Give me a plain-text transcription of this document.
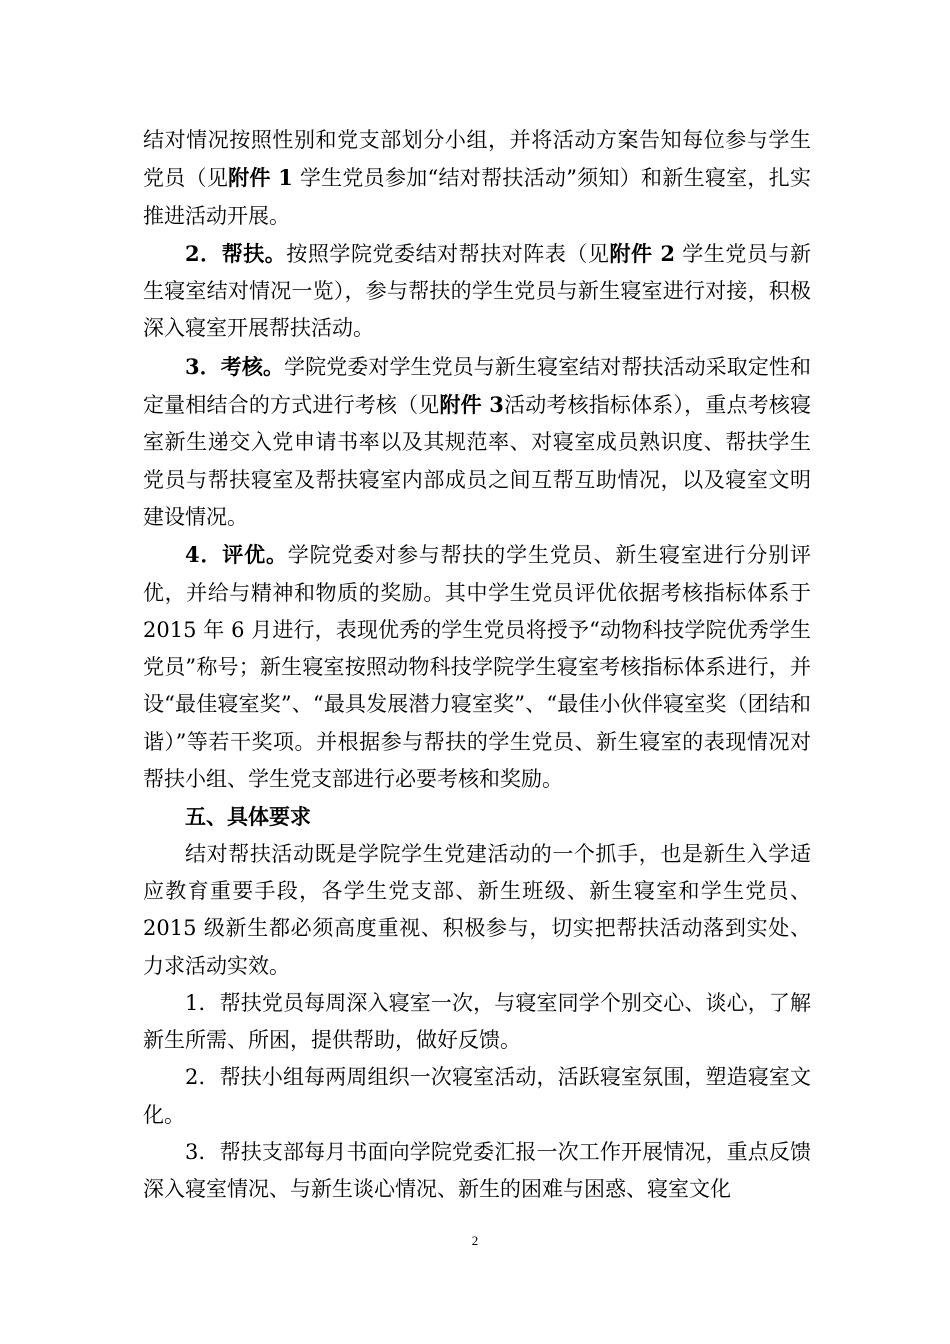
结对情况按照性别和党支部划分小组，并将活动方案告知每位参与学生党员（见附件 1 学生党员参加“结对帮扶活动”须知）和新生寝室，扎实推进活动开展。

2．帮扶。按照学院党委结对帮扶对阵表（见附件 2 学生党员与新生寝室结对情况一览），参与帮扶的学生党员与新生寝室进行对接，积极深入寝室开展帮扶活动。

3．考核。学院党委对学生党员与新生寝室结对帮扶活动采取定性和定量相结合的方式进行考核（见附件 3活动考核指标体系），重点考核寝室新生递交入党申请书率以及其规范率、对寝室成员熟识度、帮扶学生党员与帮扶寝室及帮扶寝室内部成员之间互帮互助情况，以及寝室文明建设情况。

4．评优。学院党委对参与帮扶的学生党员、新生寝室进行分别评优，并给与精神和物质的奖励。其中学生党员评优依据考核指标体系于 2015 年 6 月进行，表现优秀的学生党员将授予“动物科技学院优秀学生党员”称号；新生寝室按照动物科技学院学生寝室考核指标体系进行，并设“最佳寝室奖”、“最具发展潜力寝室奖”、“最佳小伙伴寝室奖（团结和谐）”等若干奖项。并根据参与帮扶的学生党员、新生寝室的表现情况对帮扶小组、学生党支部进行必要考核和奖励。

五、具体要求

结对帮扶活动既是学院学生党建活动的一个抓手，也是新生入学适应教育重要手段，各学生党支部、新生班级、新生寝室和学生党员、2015 级新生都必须高度重视、积极参与，切实把帮扶活动落到实处、力求活动实效。

1．帮扶党员每周深入寝室一次，与寝室同学个别交心、谈心，了解新生所需、所困，提供帮助，做好反馈。

2．帮扶小组每两周组织一次寝室活动，活跃寝室氛围，塑造寝室文化。

3．帮扶支部每月书面向学院党委汇报一次工作开展情况，重点反馈深入寝室情况、与新生谈心情况、新生的困难与困惑、寝室文化

2
